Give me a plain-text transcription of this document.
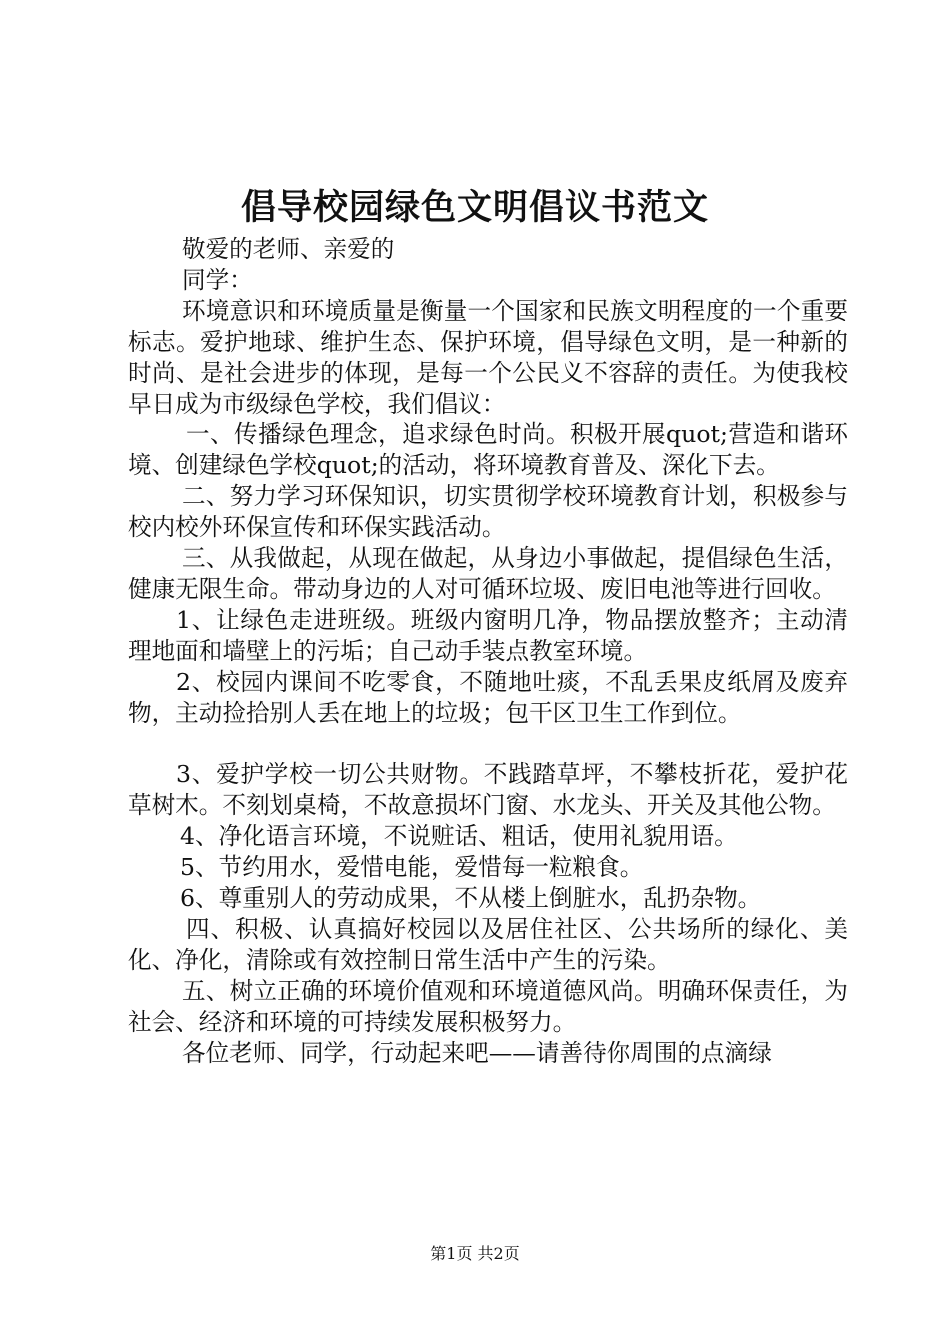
倡导校园绿色文明倡议书范文

敬爱的老师、亲爱的

同学：

环境意识和环境质量是衡量一个国家和民族文明程度的一个重要标志。爱护地球、维护生态、保护环境，倡导绿色文明，是一种新的时尚、是社会进步的体现，是每一个公民义不容辞的责任。为使我校早日成为市级绿色学校，我们倡议：

一、传播绿色理念，追求绿色时尚。积极开展quot;营造和谐环境、创建绿色学校quot;的活动，将环境教育普及、深化下去。

二、努力学习环保知识，切实贯彻学校环境教育计划，积极参与校内校外环保宣传和环保实践活动。

三、从我做起，从现在做起，从身边小事做起，提倡绿色生活，健康无限生命。带动身边的人对可循环垃圾、废旧电池等进行回收。

1、让绿色走进班级。班级内窗明几净，物品摆放整齐；主动清理地面和墙壁上的污垢；自己动手装点教室环境。

2、校园内课间不吃零食，不随地吐痰，不乱丢果皮纸屑及废弃物，主动捡拾别人丢在地上的垃圾；包干区卫生工作到位。

3、爱护学校一切公共财物。不践踏草坪，不攀枝折花，爱护花草树木。不刻划桌椅，不故意损坏门窗、水龙头、开关及其他公物。

4、净化语言环境，不说赃话、粗话，使用礼貌用语。

5、节约用水，爱惜电能，爱惜每一粒粮食。

6、尊重别人的劳动成果，不从楼上倒脏水，乱扔杂物。

四、积极、认真搞好校园以及居住社区、公共场所的绿化、美化、净化，清除或有效控制日常生活中产生的污染。

五、树立正确的环境价值观和环境道德风尚。明确环保责任，为社会、经济和环境的可持续发展积极努力。

各位老师、同学，行动起来吧——请善待你周围的点滴绿

第1页 共2页
